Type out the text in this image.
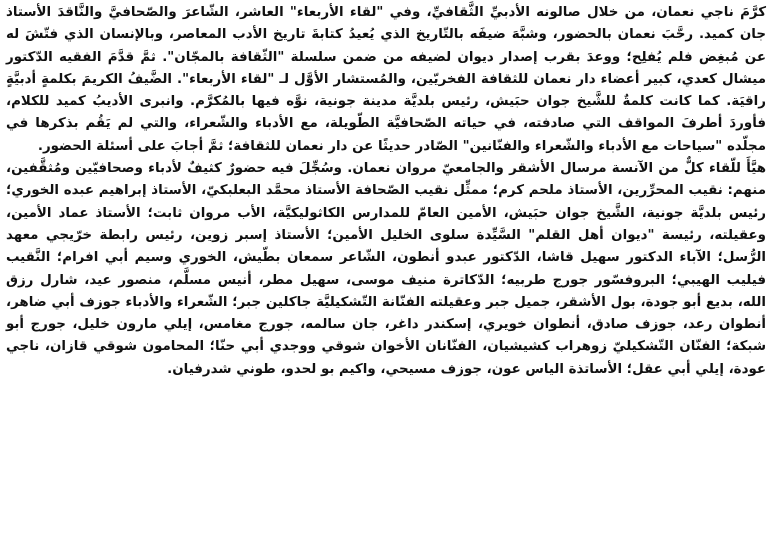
كرَّمَ ناجي نعمان، من خلال صالونه الأدبيِّ الثَّقافيِّ، وفي "لقاء الأربعاء" العاشر، الشّاعرَ والصّحافيَّ والنَّاقدَ الأستاذ جان كميد. رحَّبَ نعمان بالحضور، وشبَّهَ ضيفَه بالتّاريخ الذي يُعيدُ كتابةَ تاريخ الأدب المعاصر، وبالإنسان الذي فتّشَ له عن مُبغِض فلم يُفلِح؛ ووعدَ بقرب إصدار ديوان لضيفه من ضمن سلسلة "الثّقافة بالمجّان". ثمَّ قدَّمَ الفقيه الدّكتور ميشال كعدي، كبير أعضاء دار نعمان للثقافة الفخريّين، والمُستشار الأوَّل لـ "لقاء الأربعاء". الضَّيفُ الكريمَ بكلمةٍ أدبيَّةٍ راقيَة. كما كانت كلمةٌ للشَّيخ جوان حبَيش، رئيس بلديَّة مدينة جونية، نوَّه فيها بالمُكرَّم. وانبرى الأديبُ كميد للكلام، فأوردَ أطرفَ المواقف التي صادفته، في حياته الصّحافيَّة الطّويلة، مع الأدباء والشّعراء، والتي لم يَقُم بذكرها في مجلّده "سياحات مع الأدباء والشّعراء والفنّانين" الصّادر حديثًا عن دار نعمان للثقافة؛ ثمَّ أجابَ على أسئلة الحضور.

هيَّأَ للّقاء كلٌّ من الآنسة مرسال الأشقر والجامعيّ مروان نعمان. وسُجِّلَ فيه حضورٌ كثيفٌ لأدباء وصحافيّين ومُثقَّفين، منهم: نقيب المحرِّرين، الأستاذ ملحم كرم؛ ممثِّل نقيب الصّحافة الأستاذ محمَّد البعلبكيّ، الأستاذ إبراهيم عبده الخوري؛ رئيس بلديَّة جونية، الشَّيخ جوان حبَيش، الأمين العامّ للمدارس الكاثوليكيَّة، الأب مروان ثابت؛ الأستاذ عماد الأمين، وعقيلته، رئيسة "ديوان أهل القلم" السَّيِّدة سلوى الخليل الأمين؛ الأستاذ إسبر زوين، رئيس رابطة خرّيجي معهد الرُّسل؛ الآباء الدكتور سهيل قاشا، الدّكتور عبدو أنطون، الشّاعر سمعان بطّيش، الخوري وسيم أبي افرام؛ النَّقيب فيليب الهيبي؛ البروفسّور جورج طربيه؛ الدّكاترة منيف موسى، سهيل مطر، أنيس مسلَّم، منصور عيد، شارل رزق الله، بديع أبو جودة، بول الأشقر، جميل جبر وعقيلته الفنّانة التّشكيليَّة جاكلين جبر؛ الشّعراء والأدباء جوزف أبي ضاهر، أنطوان رعد، جوزف صادق، أنطوان خويري، إسكندر داغر، جان سالمه، جورج مغامس، إيلي مارون خليل، جورج أبو شبكة؛ الفنّان التّشكيليّ زوهراب كشيشيان، الفنّانان الأخوان شوقي ووجدي أبي حنّا؛ المحامون شوقي قازان، ناجي عودة، إيلي أبي عقل؛ الأساتذة الياس عون، جوزف مسيحي، واكيم بو لحدو، طوني شدرفيان.
